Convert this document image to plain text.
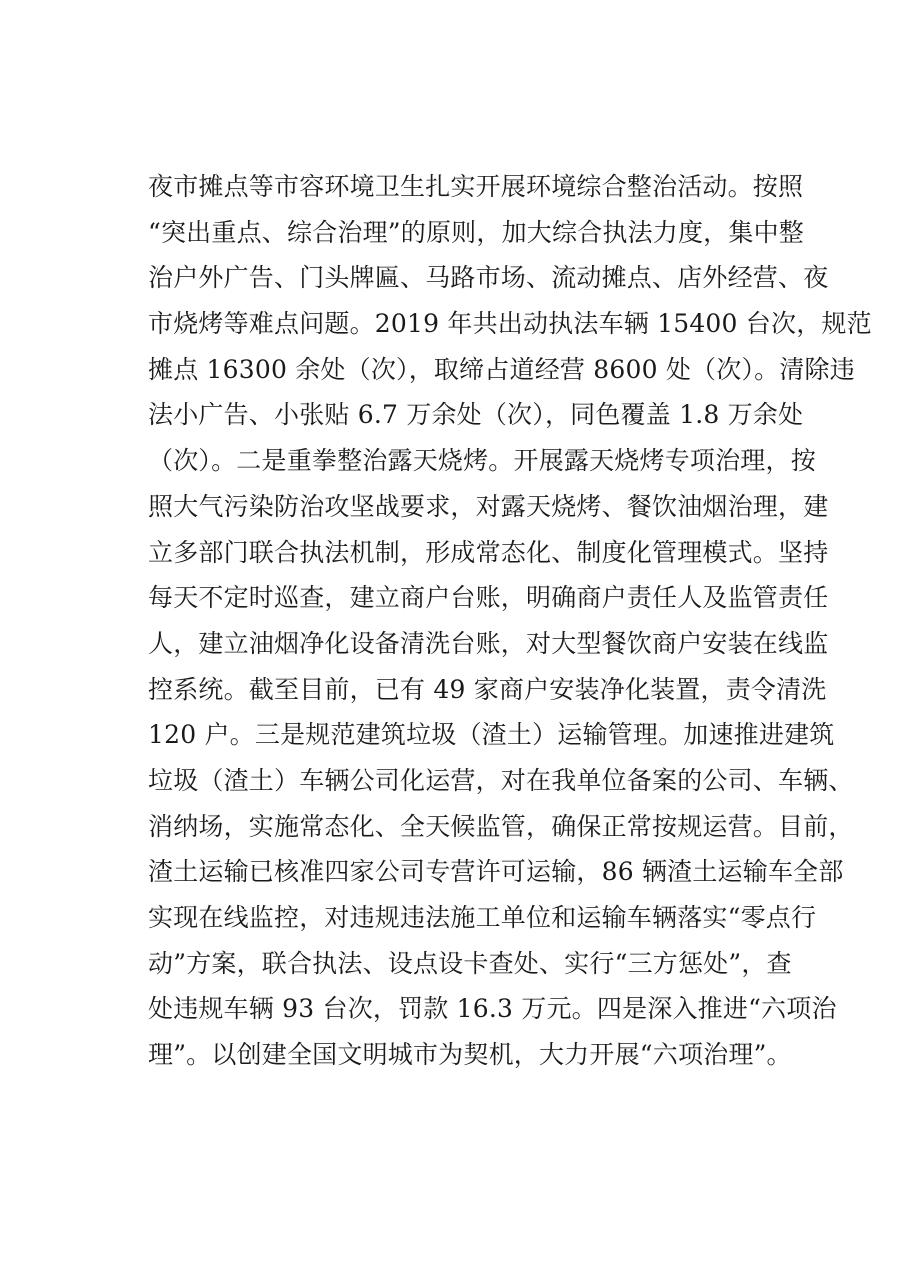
夜市摊点等市容环境卫生扎实开展环境综合整治活动。按照
“突出重点、综合治理”的原则，加大综合执法力度，集中整
治户外广告、门头牌匾、马路市场、流动摊点、店外经营、夜
市烧烤等难点问题。2019 年共出动执法车辆 15400 台次，规范
摊点 16300 余处（次），取缔占道经营 8600 处（次）。清除违
法小广告、小张贴 6.7 万余处（次），同色覆盖 1.8 万余处
（次）。二是重拳整治露天烧烤。开展露天烧烤专项治理，按
照大气污染防治攻坚战要求，对露天烧烤、餐饮油烟治理，建
立多部门联合执法机制，形成常态化、制度化管理模式。坚持
每天不定时巡查，建立商户台账，明确商户责任人及监管责任
人，建立油烟净化设备清洗台账，对大型餐饮商户安装在线监
控系统。截至目前，已有 49 家商户安装净化装置，责令清洗
120 户。三是规范建筑垃圾（渣土）运输管理。加速推进建筑
垃圾（渣土）车辆公司化运营，对在我单位备案的公司、车辆、
消纳场，实施常态化、全天候监管，确保正常按规运营。目前，
渣土运输已核准四家公司专营许可运输，86 辆渣土运输车全部
实现在线监控，对违规违法施工单位和运输车辆落实“零点行
动”方案，联合执法、设点设卡查处、实行“三方惩处”，查
处违规车辆 93 台次，罚款 16.3 万元。四是深入推进“六项治
理”。以创建全国文明城市为契机，大力开展“六项治理”。
